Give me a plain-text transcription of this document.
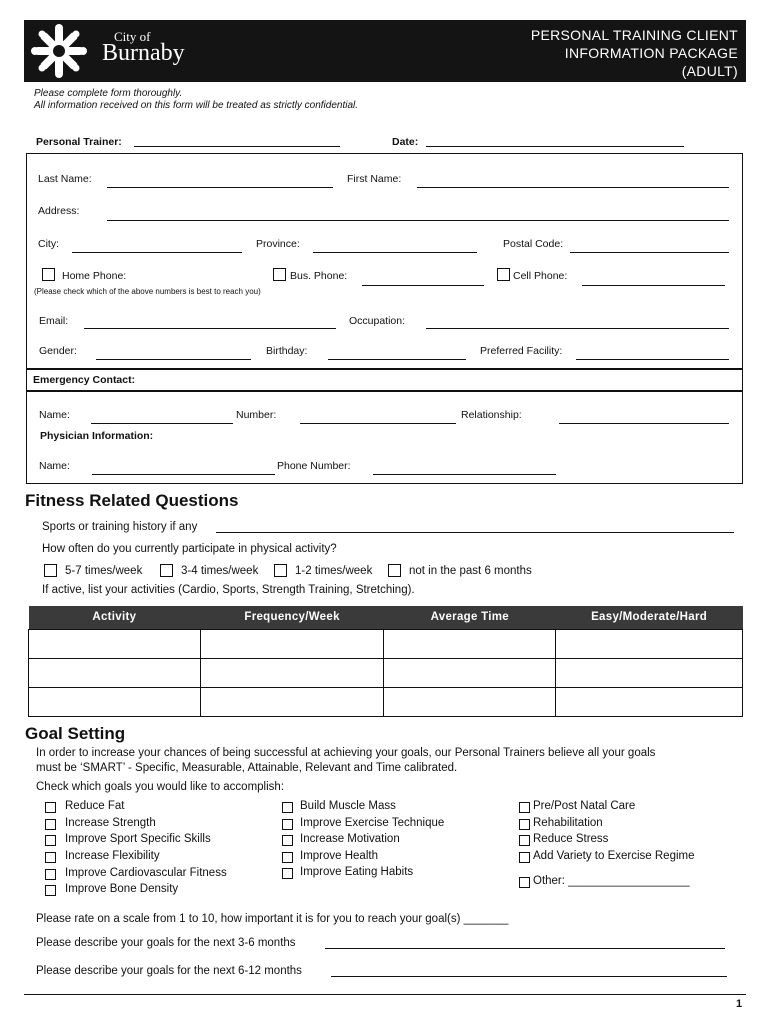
City of
Burnaby
PERSONAL TRAINING CLIENT
INFORMATION PACKAGE
(ADULT)
Please complete form thoroughly.
All information received on this form will be treated as strictly confidential.
Personal Trainer:	Date:
Last Name:	First Name:
Address:
City:	Province:	Postal Code:
Home Phone:	Bus. Phone:	Cell Phone:
(Please check which of the above numbers is best to reach you)
Email:	Occupation:
Gender:	Birthday:	Preferred Facility:
Emergency Contact:
Name:	Number:	Relationship:
Physician Information:
Name:	Phone Number:
Fitness Related Questions
Sports or training history if any
How often do you currently participate in physical activity?
5-7 times/week	3-4 times/week	1-2 times/week	not in the past 6 months
If active, list your activities (Cardio, Sports, Strength Training, Stretching).
Activity	Frequency/Week	Average Time	Easy/Moderate/Hard

Goal Setting
In order to increase your chances of being successful at achieving your goals, our Personal Trainers believe all your goals
must be ‘SMART’ - Specific, Measurable, Attainable, Relevant and Time calibrated.
Check which goals you would like to accomplish:
Reduce Fat
Increase Strength
Improve Sport Specific Skills
Increase Flexibility
Improve Cardiovascular Fitness
Improve Bone Density
Build Muscle Mass
Improve Exercise Technique
Increase Motivation
Improve Health
Improve Eating Habits
Pre/Post Natal Care
Rehabilitation
Reduce Stress
Add Variety to Exercise Regime
Other: ___________________
Please rate on a scale from 1 to 10, how important it is for you to reach your goal(s) _______
Please describe your goals for the next 3-6 months
Please describe your goals for the next 6-12 months
1
